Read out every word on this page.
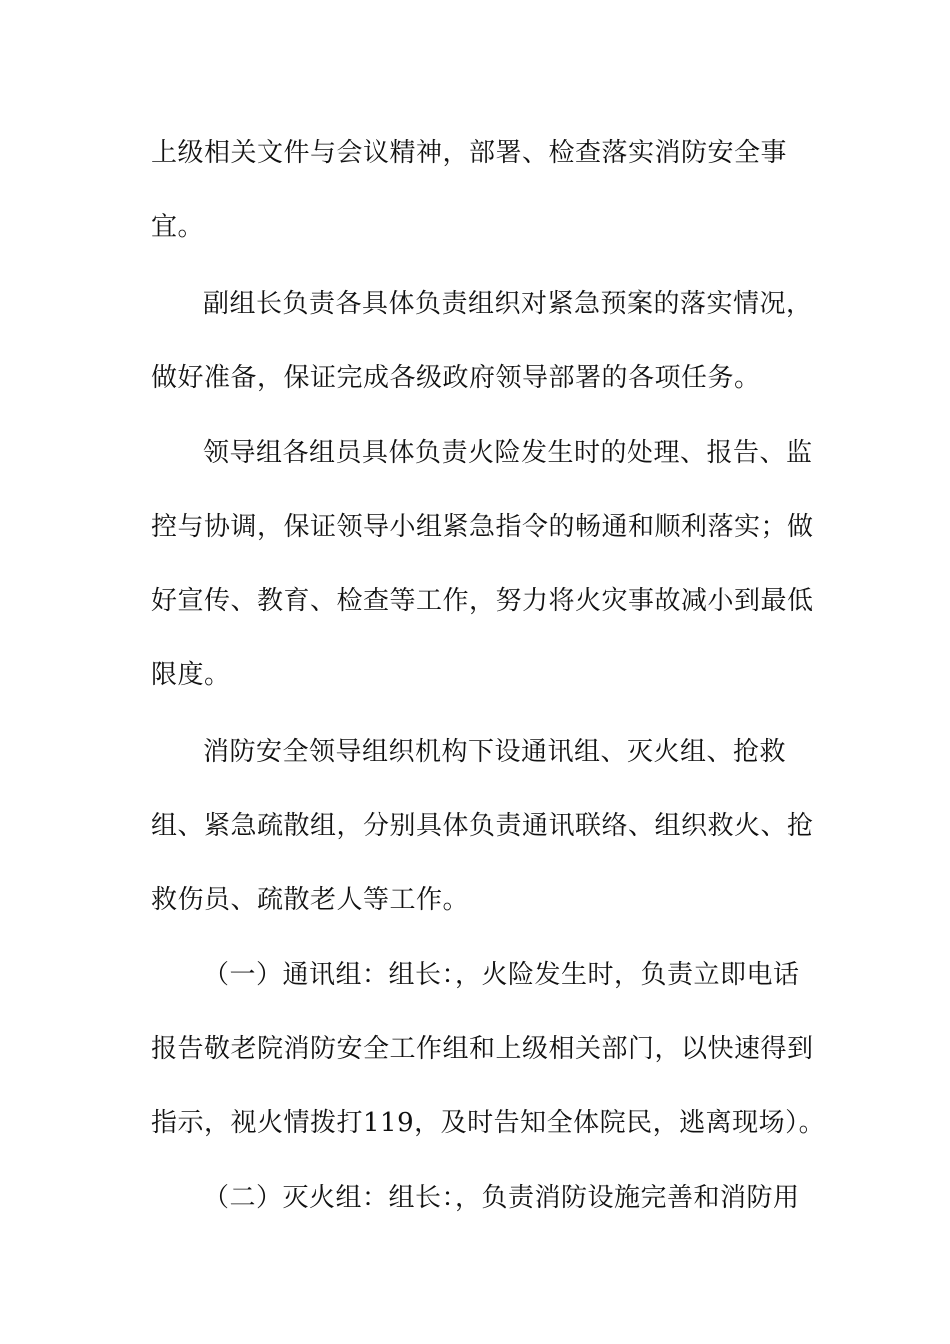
上级相关文件与会议精神，部署、检查落实消防安全事
宜。
副组长负责各具体负责组织对紧急预案的落实情况，
做好准备，保证完成各级政府领导部署的各项任务。
领导组各组员具体负责火险发生时的处理、报告、监
控与协调，保证领导小组紧急指令的畅通和顺利落实；做
好宣传、教育、检查等工作，努力将火灾事故减小到最低
限度。
消防安全领导组织机构下设通讯组、灭火组、抢救
组、紧急疏散组，分别具体负责通讯联络、组织救火、抢
救伤员、疏散老人等工作。
（一）通讯组：组长：，火险发生时，负责立即电话
报告敬老院消防安全工作组和上级相关部门，以快速得到
指示，视火情拨打119，及时告知全体院民，逃离现场）。
（二）灭火组：组长：，负责消防设施完善和消防用
